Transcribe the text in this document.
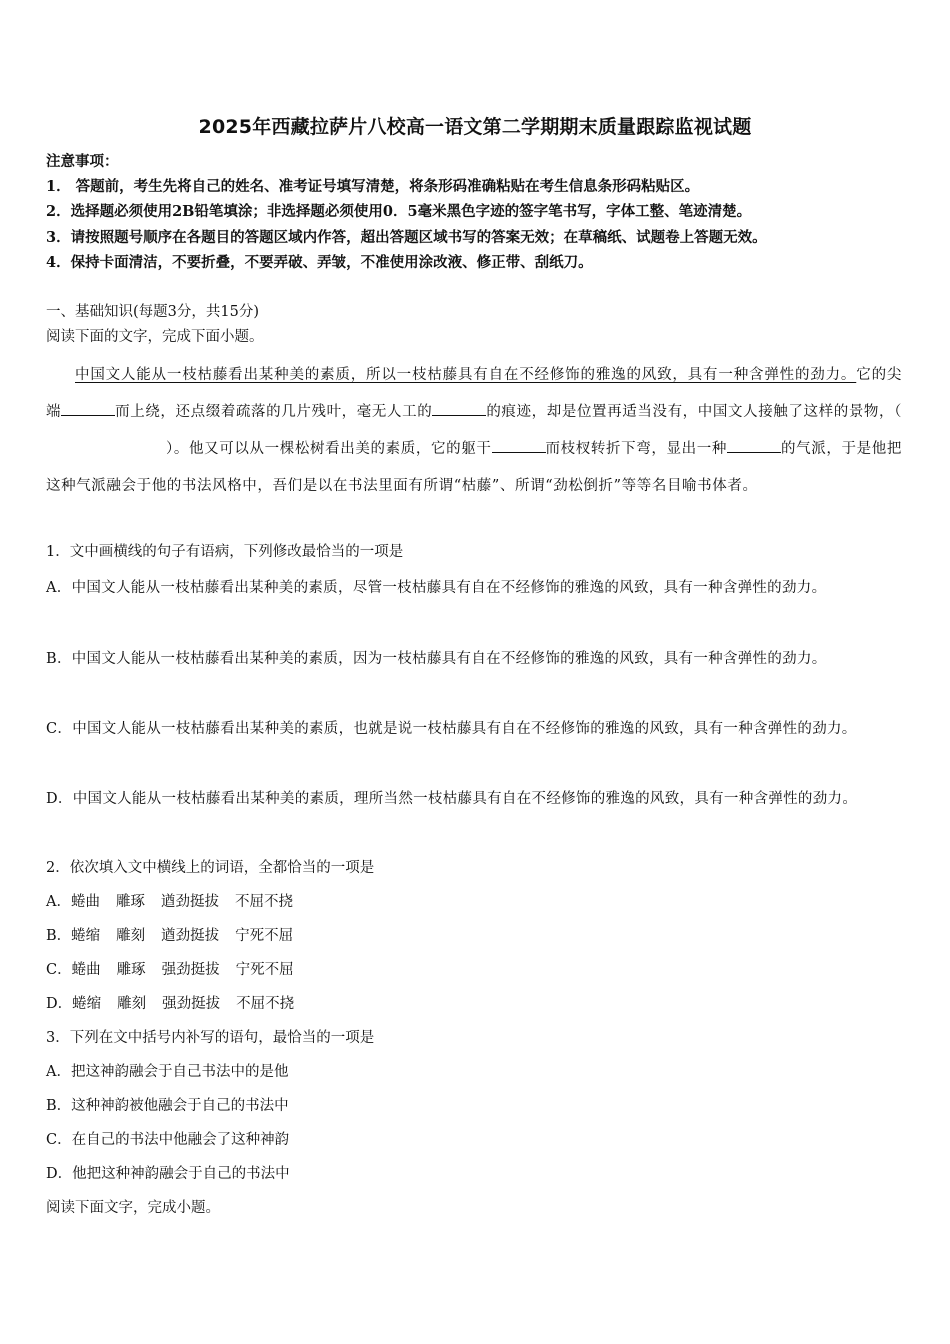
2025年西藏拉萨片八校高一语文第二学期期末质量跟踪监视试题
注意事项：
1． 答题前，考生先将自己的姓名、准考证号填写清楚，将条形码准确粘贴在考生信息条形码粘贴区。
2．选择题必须使用2B铅笔填涂；非选择题必须使用0．5毫米黑色字迹的签字笔书写，字体工整、笔迹清楚。
3．请按照题号顺序在各题目的答题区域内作答，超出答题区域书写的答案无效；在草稿纸、试题卷上答题无效。
4．保持卡面清洁，不要折叠，不要弄破、弄皱，不准使用涂改液、修正带、刮纸刀。
一、基础知识(每题3分，共15分)
阅读下面的文字，完成下面小题。
中国文人能从一枝枯藤看出某种美的素质，所以一枝枯藤具有自在不经修饰的雅逸的风致，具有一种含弹性的劲力。它的尖端	而上绕，还点缀着疏落的几片残叶，毫无人工的	的痕迹，却是位置再适当没有，中国文人接触了这样的景物，（）。他又可以从一棵松树看出美的素质，它的躯干	而枝杈转折下弯，显出一种	的气派，于是他把这种气派融会于他的书法风格中，吾们是以在书法里面有所谓“枯藤”、所谓“劲松倒折”等等名目喻书体者。
1．文中画横线的句子有语病，下列修改最恰当的一项是
A．中国文人能从一枝枯藤看出某种美的素质，尽管一枝枯藤具有自在不经修饰的雅逸的风致，具有一种含弹性的劲力。
B．中国文人能从一枝枯藤看出某种美的素质，因为一枝枯藤具有自在不经修饰的雅逸的风致，具有一种含弹性的劲力。
C．中国文人能从一枝枯藤看出某种美的素质，也就是说一枝枯藤具有自在不经修饰的雅逸的风致，具有一种含弹性的劲力。
D．中国文人能从一枝枯藤看出某种美的素质，理所当然一枝枯藤具有自在不经修饰的雅逸的风致，具有一种含弹性的劲力。
2．依次填入文中横线上的词语，全都恰当的一项是
A．蜷曲 雕琢 遒劲挺拔 不屈不挠
B．蜷缩 雕刻 遒劲挺拔 宁死不屈
C．蜷曲 雕琢 强劲挺拔 宁死不屈
D．蜷缩 雕刻 强劲挺拔 不屈不挠
3．下列在文中括号内补写的语句，最恰当的一项是
A．把这神韵融会于自己书法中的是他
B．这种神韵被他融会于自己的书法中
C．在自己的书法中他融会了这种神韵
D．他把这种神韵融会于自己的书法中
阅读下面文字，完成小题。
